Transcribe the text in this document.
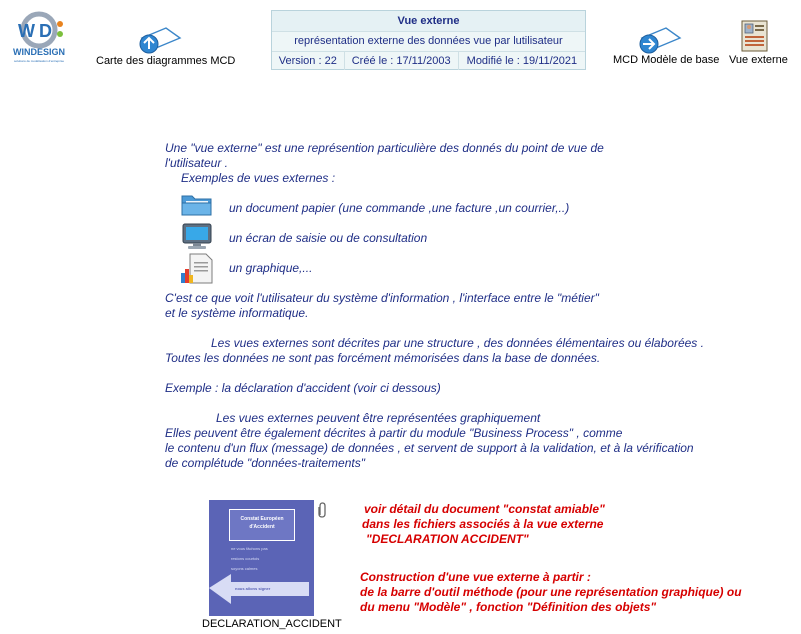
W D
WINDESIGN
solutions de modélisation d'entreprise	Carte des diagrammes MCD
Vue externe
représentation externe des données vue par lutilisateur
Version : 22	Créé le : 17/11/2003	Modifié le : 19/11/2021	MCD Modèle de base Vue externe
Une "vue externe" est une représention particulière des donnés du point de vue de
l'utilisateur .
Exemples de vues externes :
un document papier (une commande ,une facture ,un courrier,..)
un écran de saisie ou de consultation
un graphique,...
C'est ce que voit l'utilisateur du système d'information , l'interface entre le "métier"
et le système informatique.
Les vues externes sont décrites par une structure , des données élémentaires ou élaborées .
Toutes les données ne sont pas forcément mémorisées dans la base de données.
Exemple : la déclaration d'accident (voir ci dessous)
Les vues externes peuvent être représentées graphiquement
Elles peuvent être également décrites à partir du module "Business Process" , comme
le contenu d'un flux (message) de données , et servent de support à la validation, et à la vérification
de complétude "données-traitements"
Constat Européen
d'Accident
ne vous fâchons pas
restons courtois
soyons calmes
nous allons signer
DECLARATION_ACCIDENT
voir détail du document "constat amiable"
dans les fichiers associés à la vue externe
"DECLARATION ACCIDENT"
Construction d'une vue externe à partir :
de la barre d'outil méthode (pour une représentation graphique) ou
du menu "Modèle" , fonction "Définition des objets"
